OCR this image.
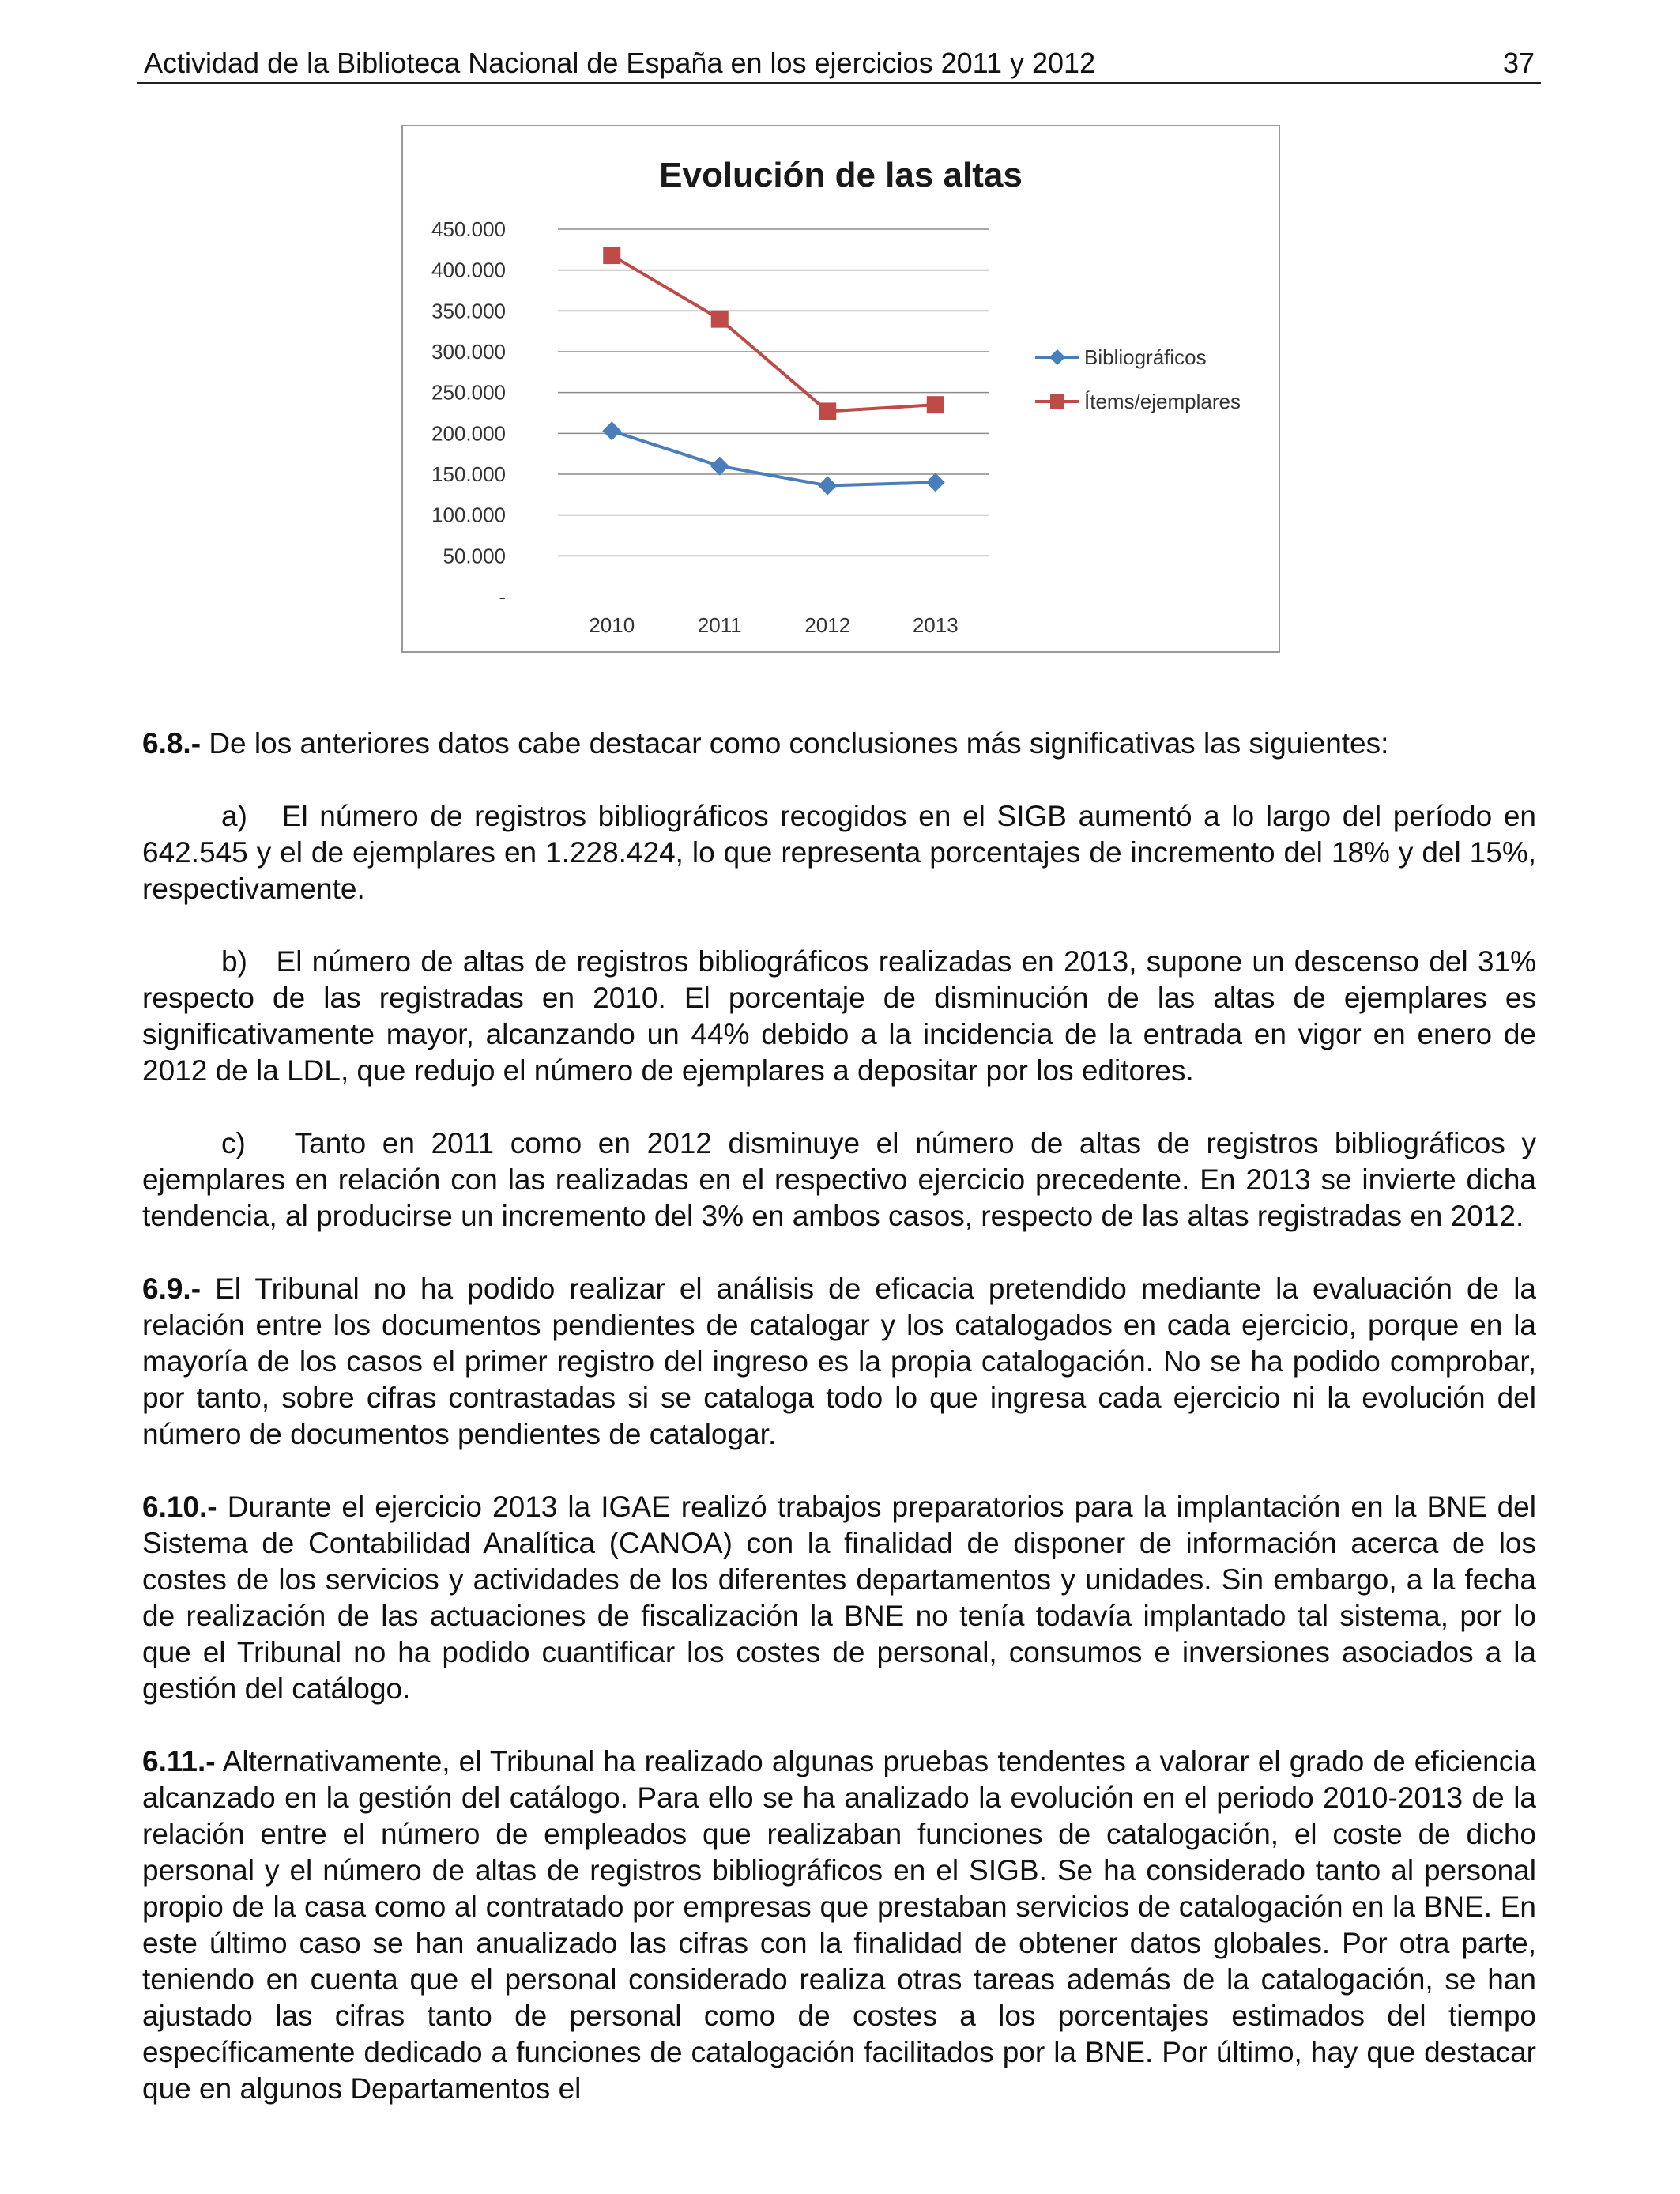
Actividad de la Biblioteca Nacional de España en los ejercicios 2011 y 2012	37
Evolución de las altas
-
50.000
100.000
150.000
200.000
250.000
300.000
350.000
400.000
450.000
2010	2011	2012	2013
Bibliográficos
Ítems/ejemplares

6.8.- De los anteriores datos cabe destacar como conclusiones más significativas las siguientes:

a)   El número de registros bibliográficos recogidos en el SIGB aumentó a lo largo del período en 642.545 y el de ejemplares en 1.228.424, lo que representa porcentajes de incremento del 18% y del 15%, respectivamente.

b)   El número de altas de registros bibliográficos realizadas en 2013, supone un descenso del 31% respecto de las registradas en 2010. El porcentaje de disminución de las altas de ejemplares es significativamente mayor, alcanzando un 44% debido a la incidencia de la entrada en vigor en enero de 2012 de la LDL, que redujo el número de ejemplares a depositar por los editores.

c)   Tanto en 2011 como en 2012 disminuye el número de altas de registros bibliográficos y ejemplares en relación con las realizadas en el respectivo ejercicio precedente. En 2013 se invierte dicha tendencia, al producirse un incremento del 3% en ambos casos, respecto de las altas registradas en 2012.

6.9.- El Tribunal no ha podido realizar el análisis de eficacia pretendido mediante la evaluación de la relación entre los documentos pendientes de catalogar y los catalogados en cada ejercicio, porque en la mayoría de los casos el primer registro del ingreso es la propia catalogación. No se ha podido comprobar, por tanto, sobre cifras contrastadas si se cataloga todo lo que ingresa cada ejercicio ni la evolución del número de documentos pendientes de catalogar.

6.10.- Durante el ejercicio 2013 la IGAE realizó trabajos preparatorios para la implantación en la BNE del Sistema de Contabilidad Analítica (CANOA) con la finalidad de disponer de información acerca de los costes de los servicios y actividades de los diferentes departamentos y unidades. Sin embargo, a la fecha de realización de las actuaciones de fiscalización la BNE no tenía todavía implantado tal sistema, por lo que el Tribunal no ha podido cuantificar los costes de personal, consumos e inversiones asociados a la gestión del catálogo.

6.11.- Alternativamente, el Tribunal ha realizado algunas pruebas tendentes a valorar el grado de eficiencia alcanzado en la gestión del catálogo. Para ello se ha analizado la evolución en el periodo 2010-2013 de la relación entre el número de empleados que realizaban funciones de catalogación, el coste de dicho personal y el número de altas de registros bibliográficos en el SIGB. Se ha considerado tanto al personal propio de la casa como al contratado por empresas que prestaban servicios de catalogación en la BNE. En este último caso se han anualizado las cifras con la finalidad de obtener datos globales. Por otra parte, teniendo en cuenta que el personal considerado realiza otras tareas además de la catalogación, se han ajustado las cifras tanto de personal como de costes a los porcentajes estimados del tiempo específicamente dedicado a funciones de catalogación facilitados por la BNE. Por último, hay que destacar que en algunos Departamentos el
